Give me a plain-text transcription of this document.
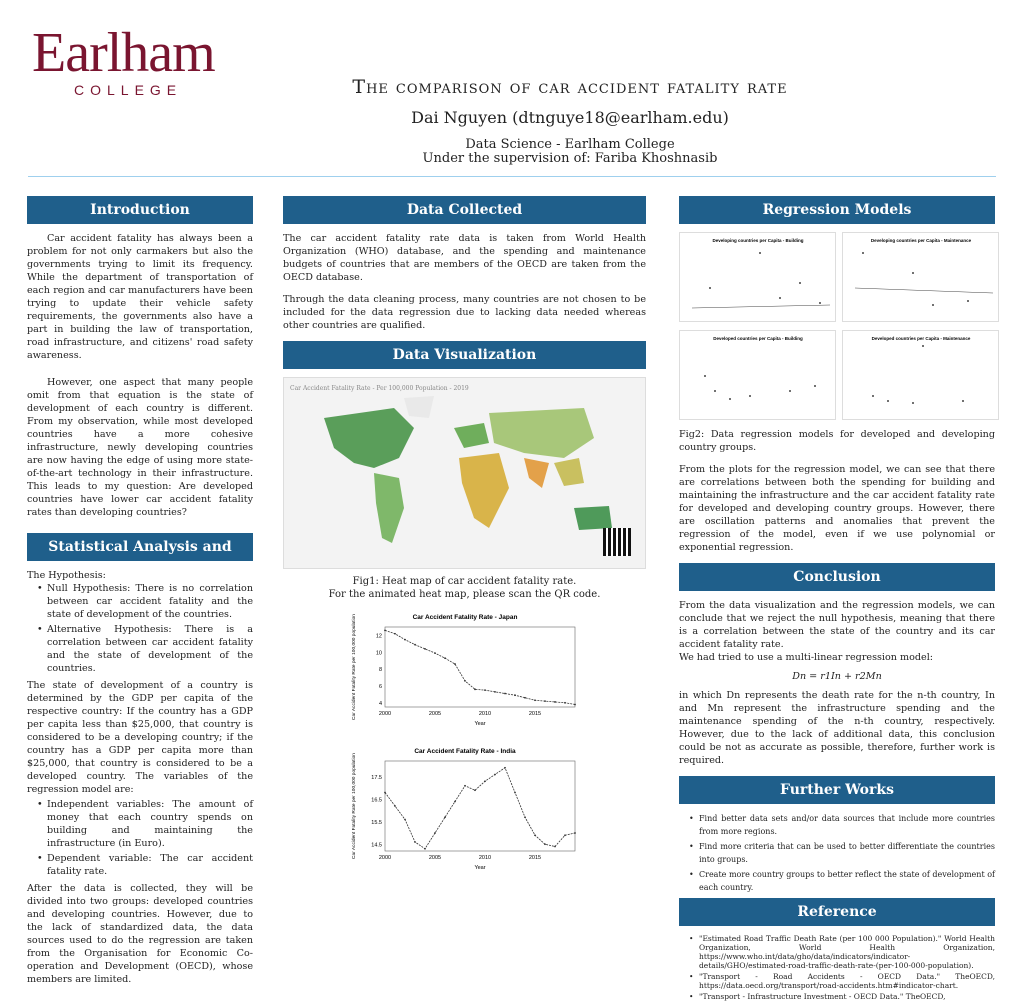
Earlham
COLLEGE	The comparison of car accident fatality rate
Dai Nguyen (dtnguye18@earlham.edu)
Data Science - Earlham College
Under the supervision of: Fariba Khoshnasib
Introduction

Car accident fatality has always been a problem for not only carmakers but also the governments trying to limit its frequency. While the department of transportation of each region and car manufacturers have been trying to update their vehicle safety requirements, the governments also have a part in building the law of transportation, road infrastructure, and citizens' road safety awareness.

However, one aspect that many people omit from that equation is the state of development of each country is different. From my observation, while most developed countries have a more cohesive infrastructure, newly developing countries are now having the edge of using more state-of-the-art technology in their infrastructure. This leads to my question: Are developed countries have lower car accident fatality rates than developing countries?

Statistical Analysis and Method

The Hypothesis:

• Null Hypothesis: There is no correlation between car accident fatality and the state of development of the countries.
• Alternative Hypothesis: There is a correlation between car accident fatality and the state of development of the countries.

The state of development of a country is determined by the GDP per capita of the respective country: If the country has a GDP per capita less than $25,000, that country is considered to be a developing country; if the country has a GDP per capita more than $25,000, that country is considered to be a developed country. The variables of the regression model are:

• Independent variables: The amount of money that each country spends on building and maintaining the infrastructure (in Euro).
• Dependent variable: The car accident fatality rate.

After the data is collected, they will be divided into two groups: developed countries and developing countries. However, due to the lack of standardized data, the data sources used to do the regression are taken from the Organisation for Economic Co-operation and Development (OECD), whose members are limited.

Data Collected

The car accident fatality rate data is taken from World Health Organization (WHO) database, and the spending and maintenance budgets of countries that are members of the OECD are taken from the OECD database.

Through the data cleaning process, many countries are not chosen to be included for the data regression due to lacking data needed whereas other countries are qualified.

Data Visualization
Car Accident Fatality Rate - Per 100,000 Population - 2019
Fig1: Heat map of car accident fatality rate.
For the animated heat map, please scan the QR code.
Car Accident Fatality Rate - Japan
2000	2005	2010	2015
4
6
8
10
12
Year
Car Accident Fatality Rate per 100,000 population
Car Accident Fatality Rate - India
2000	2005	2010	2015
14.5
15.5
16.5
17.5
Year
Car Accident Fatality Rate per 100,000 population
Regression Models
Developing countries per Capita - Building	Developing countries per Capita - Maintenance
Developed countries per Capita - Building	Developed countries per Capita - Maintenance

Fig2: Data regression models for developed and developing country groups.

From the plots for the regression model, we can see that there are correlations between both the spending for building and maintaining the infrastructure and the car accident fatality rate for developed and developing country groups. However, there are oscillation patterns and anomalies that prevent the regression of the model, even if we use polynomial or exponential regression.

Conclusion

From the data visualization and the regression models, we can conclude that we reject the null hypothesis, meaning that there is a correlation between the state of the country and its car accident fatality rate.

We had tried to use a multi-linear regression model:

Dn = r1In + r2Mn

in which Dn represents the death rate for the n-th country, In and Mn represent the infrastructure spending and the maintenance spending of the n-th country, respectively. However, due to the lack of additional data, this conclusion could be not as accurate as possible, therefore, further work is required.

Further Works
• Find better data sets and/or data sources that include more countries from more regions.
• Find more criteria that can be used to better differentiate the countries into groups.
• Create more country groups to better reflect the state of development of each country.
Reference
• "Estimated Road Traffic Death Rate (per 100 000 Population)." World Health Organization, World Health Organization, https://www.who.int/data/gho/data/indicators/indicator-details/GHO/estimated-road-traffic-death-rate-(per-100-000-population).
• "Transport - Road Accidents - OECD Data." TheOECD, https://data.oecd.org/transport/road-accidents.htm#indicator-chart.
• "Transport - Infrastructure Investment - OECD Data." TheOECD,
